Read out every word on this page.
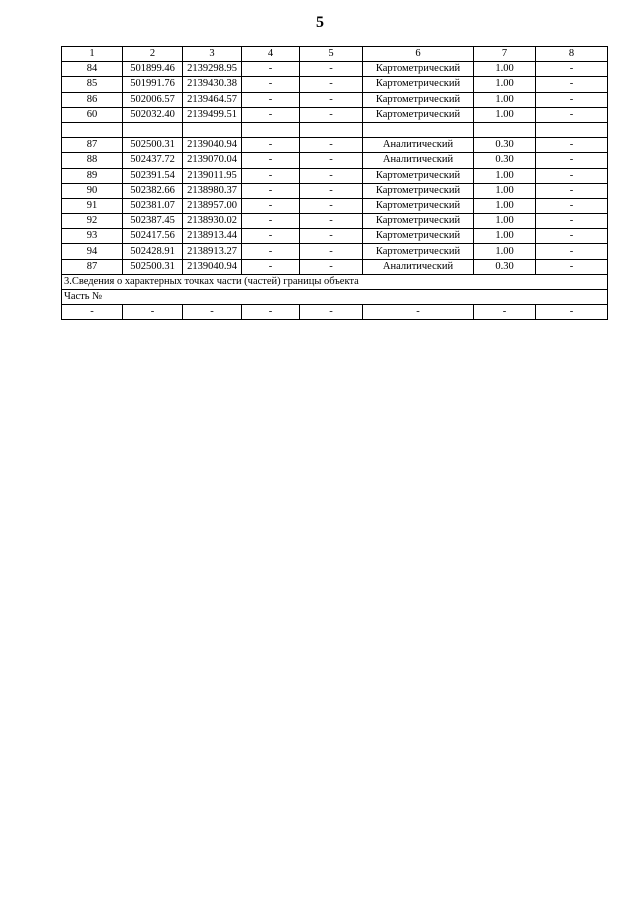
5
1	2	3	4	5	6	7	8
84	501899.46	2139298.95	-	-	Картометрический	1.00	-
85	501991.76	2139430.38	-	-	Картометрический	1.00	-
86	502006.57	2139464.57	-	-	Картометрический	1.00	-
60	502032.40	2139499.51	-	-	Картометрический	1.00	-

87	502500.31	2139040.94	-	-	Аналитический	0.30	-
88	502437.72	2139070.04	-	-	Аналитический	0.30	-
89	502391.54	2139011.95	-	-	Картометрический	1.00	-
90	502382.66	2138980.37	-	-	Картометрический	1.00	-
91	502381.07	2138957.00	-	-	Картометрический	1.00	-
92	502387.45	2138930.02	-	-	Картометрический	1.00	-
93	502417.56	2138913.44	-	-	Картометрический	1.00	-
94	502428.91	2138913.27	-	-	Картометрический	1.00	-
87	502500.31	2139040.94	-	-	Аналитический	0.30	-
3.Сведения о характерных точках части (частей) границы объекта							
Часть №							
-	-	-	-	-	-	-	-
